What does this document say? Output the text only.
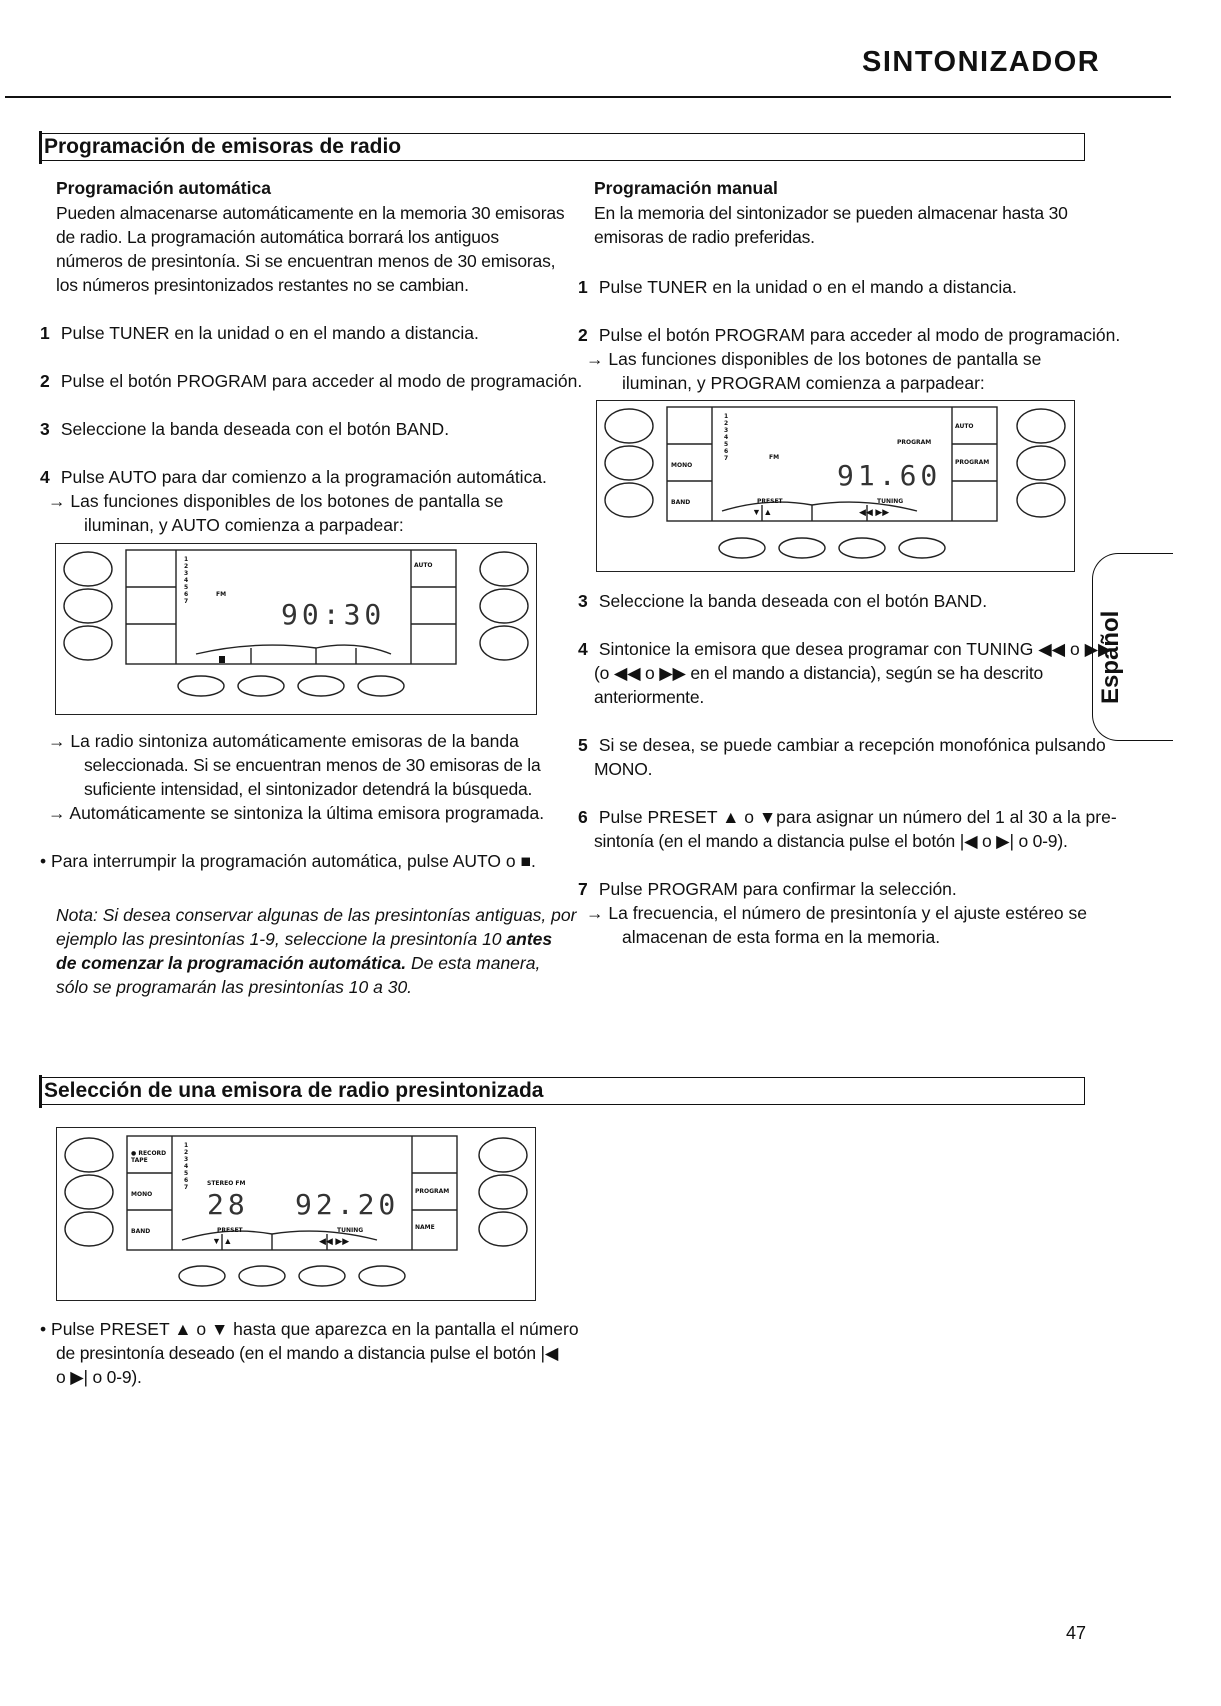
SINTONIZADOR
Español
Programación de emisoras de radio
Programación automática
Pueden almacenarse automáticamente en la memoria 30 emisoras
de radio. La programación automática borrará los antiguos
números de presintonía. Si se encuentran menos de 30 emisoras,
los números presintonizados restantes no se cambian.
1 Pulse TUNER en la unidad o en el mando a distancia.
2 Pulse el botón PROGRAM para acceder al modo de programación.
3 Seleccione la banda deseada con el botón BAND.
4 Pulse AUTO para dar comienzo a la programación automática.
→ Las funciones disponibles de los botones de pantalla se
iluminan, y AUTO comienza a parpadear:
FM
AUTO
1
2
3
4
5
6
7	90:30
→ La radio sintoniza automáticamente emisoras de la banda
seleccionada. Si se encuentran menos de 30 emisoras de la
suficiente intensidad, el sintonizador detendrá la búsqueda.
→ Automáticamente se sintoniza la última emisora programada.
• Para interrumpir la programación automática, pulse AUTO o ■.
Nota: Si desea conservar algunas de las presintonías antiguas, por
ejemplo las presintonías 1-9, seleccione la presintonía 10 antes
de comenzar la programación automática. De esta manera,
sólo se programarán las presintonías 10 a 30.
Programación manual
En la memoria del sintonizador se pueden almacenar hasta 30
emisoras de radio preferidas.
1 Pulse TUNER en la unidad o en el mando a distancia.
2 Pulse el botón PROGRAM para acceder al modo de programación.
→ Las funciones disponibles de los botones de pantalla se
iluminan, y PROGRAM comienza a parpadear:
1
2
3
4
5
6
7	FM
PROGRAM
AUTO
PROGRAM
MONO
BAND	PRESET	TUNING
▼ ▲	◀◀ ▶▶
91.60
3 Seleccione la banda deseada con el botón BAND.
4 Sintonice la emisora que desea programar con TUNING ◀◀ o ▶▶
(o ◀◀ o ▶▶ en el mando a distancia), según se ha descrito
anteriormente.
5 Si se desea, se puede cambiar a recepción monofónica pulsando
MONO.
6 Pulse PRESET ▲ o ▼para asignar un número del 1 al 30 a la pre-
sintonía (en el mando a distancia pulse el botón |◀ o ▶| o 0-9).
7 Pulse PROGRAM para confirmar la selección.
→ La frecuencia, el número de presintonía y el ajuste estéreo se
almacenan de esta forma en la memoria.
Selección de una emisora de radio presintonizada
● RECORD TAPE
MONO
BAND
1
2
3
4
5
6
7
STEREO FM
28 92.20	PROGRAM
NAME
PRESET	TUNING
▼ ▲	◀◀ ▶▶
• Pulse PRESET ▲ o ▼ hasta que aparezca en la pantalla el número
de presintonía deseado (en el mando a distancia pulse el botón |◀
o ▶| o 0-9).
47
